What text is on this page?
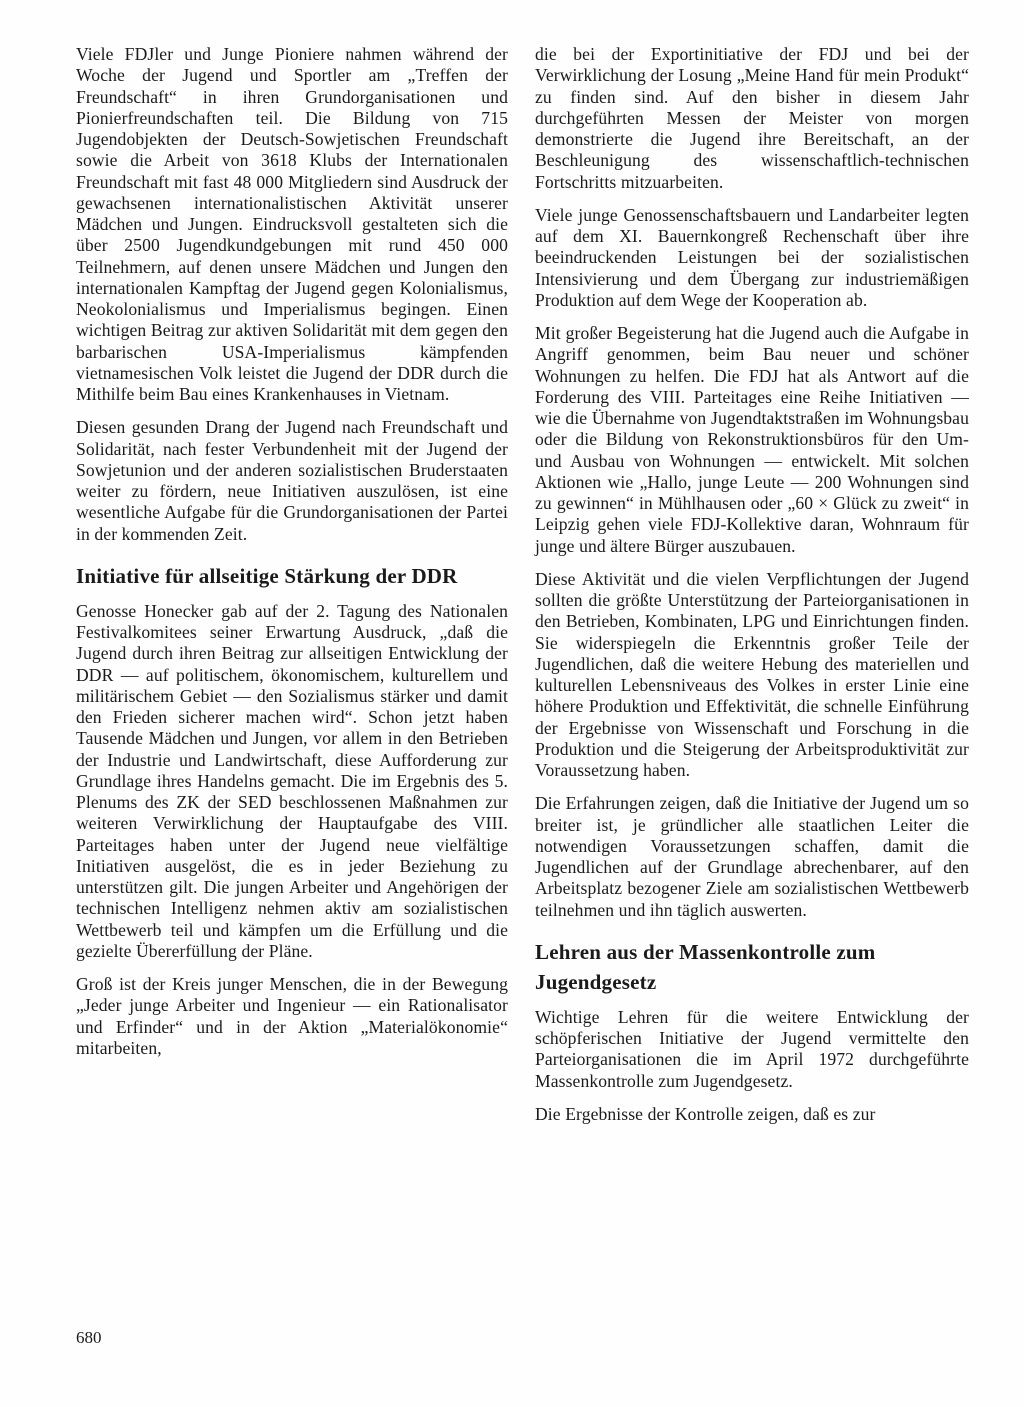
Viele FDJler und Junge Pioniere nahmen während der Woche der Jugend und Sportler am „Treffen der Freundschaft“ in ihren Grundorganisationen und Pionierfreundschaften teil. Die Bildung von 715 Jugendobjekten der Deutsch-Sowjetischen Freundschaft sowie die Arbeit von 3618 Klubs der Internationalen Freundschaft mit fast 48 000 Mitgliedern sind Ausdruck der gewachsenen internationalistischen Aktivität unserer Mädchen und Jungen. Eindrucksvoll gestalteten sich die über 2500 Jugendkundgebungen mit rund 450 000 Teilnehmern, auf denen unsere Mädchen und Jungen den internationalen Kampftag der Jugend gegen Kolonialismus, Neokolonialismus und Imperialismus begingen. Einen wichtigen Beitrag zur aktiven Solidarität mit dem gegen den barbarischen USA-Imperialismus kämpfenden vietnamesischen Volk leistet die Jugend der DDR durch die Mithilfe beim Bau eines Krankenhauses in Vietnam.

Diesen gesunden Drang der Jugend nach Freundschaft und Solidarität, nach fester Verbundenheit mit der Jugend der Sowjetunion und der anderen sozialistischen Bruderstaaten weiter zu fördern, neue Initiativen auszulösen, ist eine wesentliche Aufgabe für die Grundorganisationen der Partei in der kommenden Zeit.

Initiative für allseitige Stärkung der DDR

Genosse Honecker gab auf der 2. Tagung des Nationalen Festivalkomitees seiner Erwartung Ausdruck, „daß die Jugend durch ihren Beitrag zur allseitigen Entwicklung der DDR — auf politischem, ökonomischem, kulturellem und militärischem Gebiet — den Sozialismus stärker und damit den Frieden sicherer machen wird“. Schon jetzt haben Tausende Mädchen und Jungen, vor allem in den Betrieben der Industrie und Landwirtschaft, diese Aufforderung zur Grundlage ihres Handelns gemacht. Die im Ergebnis des 5. Plenums des ZK der SED beschlossenen Maßnahmen zur weiteren Verwirklichung der Hauptaufgabe des VIII. Parteitages haben unter der Jugend neue vielfältige Initiativen ausgelöst, die es in jeder Beziehung zu unterstützen gilt. Die jungen Arbeiter und Angehörigen der technischen Intelligenz nehmen aktiv am sozialistischen Wettbewerb teil und kämpfen um die Erfüllung und die gezielte Übererfüllung der Pläne.

Groß ist der Kreis junger Menschen, die in der Bewegung „Jeder junge Arbeiter und Ingenieur — ein Rationalisator und Erfinder“ und in der Aktion „Materialökonomie“ mitarbeiten,

die bei der Exportinitiative der FDJ und bei der Verwirklichung der Losung „Meine Hand für mein Produkt“ zu finden sind. Auf den bisher in diesem Jahr durchgeführten Messen der Meister von morgen demonstrierte die Jugend ihre Bereitschaft, an der Beschleunigung des wissenschaftlich-technischen Fortschritts mitzuarbeiten.

Viele junge Genossenschaftsbauern und Landarbeiter legten auf dem XI. Bauernkongreß Rechenschaft über ihre beeindruckenden Leistungen bei der sozialistischen Intensivierung und dem Übergang zur industriemäßigen Produktion auf dem Wege der Kooperation ab.

Mit großer Begeisterung hat die Jugend auch die Aufgabe in Angriff genommen, beim Bau neuer und schöner Wohnungen zu helfen. Die FDJ hat als Antwort auf die Forderung des VIII. Parteitages eine Reihe Initiativen — wie die Übernahme von Jugendtaktstraßen im Wohnungsbau oder die Bildung von Rekonstruktionsbüros für den Um- und Ausbau von Wohnungen — entwickelt. Mit solchen Aktionen wie „Hallo, junge Leute — 200 Wohnungen sind zu gewinnen“ in Mühlhausen oder „60 × Glück zu zweit“ in Leipzig gehen viele FDJ-Kollektive daran, Wohnraum für junge und ältere Bürger auszubauen.

Diese Aktivität und die vielen Verpflichtungen der Jugend sollten die größte Unterstützung der Parteiorganisationen in den Betrieben, Kombinaten, LPG und Einrichtungen finden. Sie widerspiegeln die Erkenntnis großer Teile der Jugendlichen, daß die weitere Hebung des materiellen und kulturellen Lebensniveaus des Volkes in erster Linie eine höhere Produktion und Effektivität, die schnelle Einführung der Ergebnisse von Wissenschaft und Forschung in die Produktion und die Steigerung der Arbeitsproduktivität zur Voraussetzung haben.

Die Erfahrungen zeigen, daß die Initiative der Jugend um so breiter ist, je gründlicher alle staatlichen Leiter die notwendigen Voraussetzungen schaffen, damit die Jugendlichen auf der Grundlage abrechenbarer, auf den Arbeitsplatz bezogener Ziele am sozialistischen Wettbewerb teilnehmen und ihn täglich auswerten.

Lehren aus der Massenkontrolle zum Jugendgesetz

Wichtige Lehren für die weitere Entwicklung der schöpferischen Initiative der Jugend vermittelte den Parteiorganisationen die im April 1972 durchgeführte Massenkontrolle zum Jugendgesetz.

Die Ergebnisse der Kontrolle zeigen, daß es zur

680
